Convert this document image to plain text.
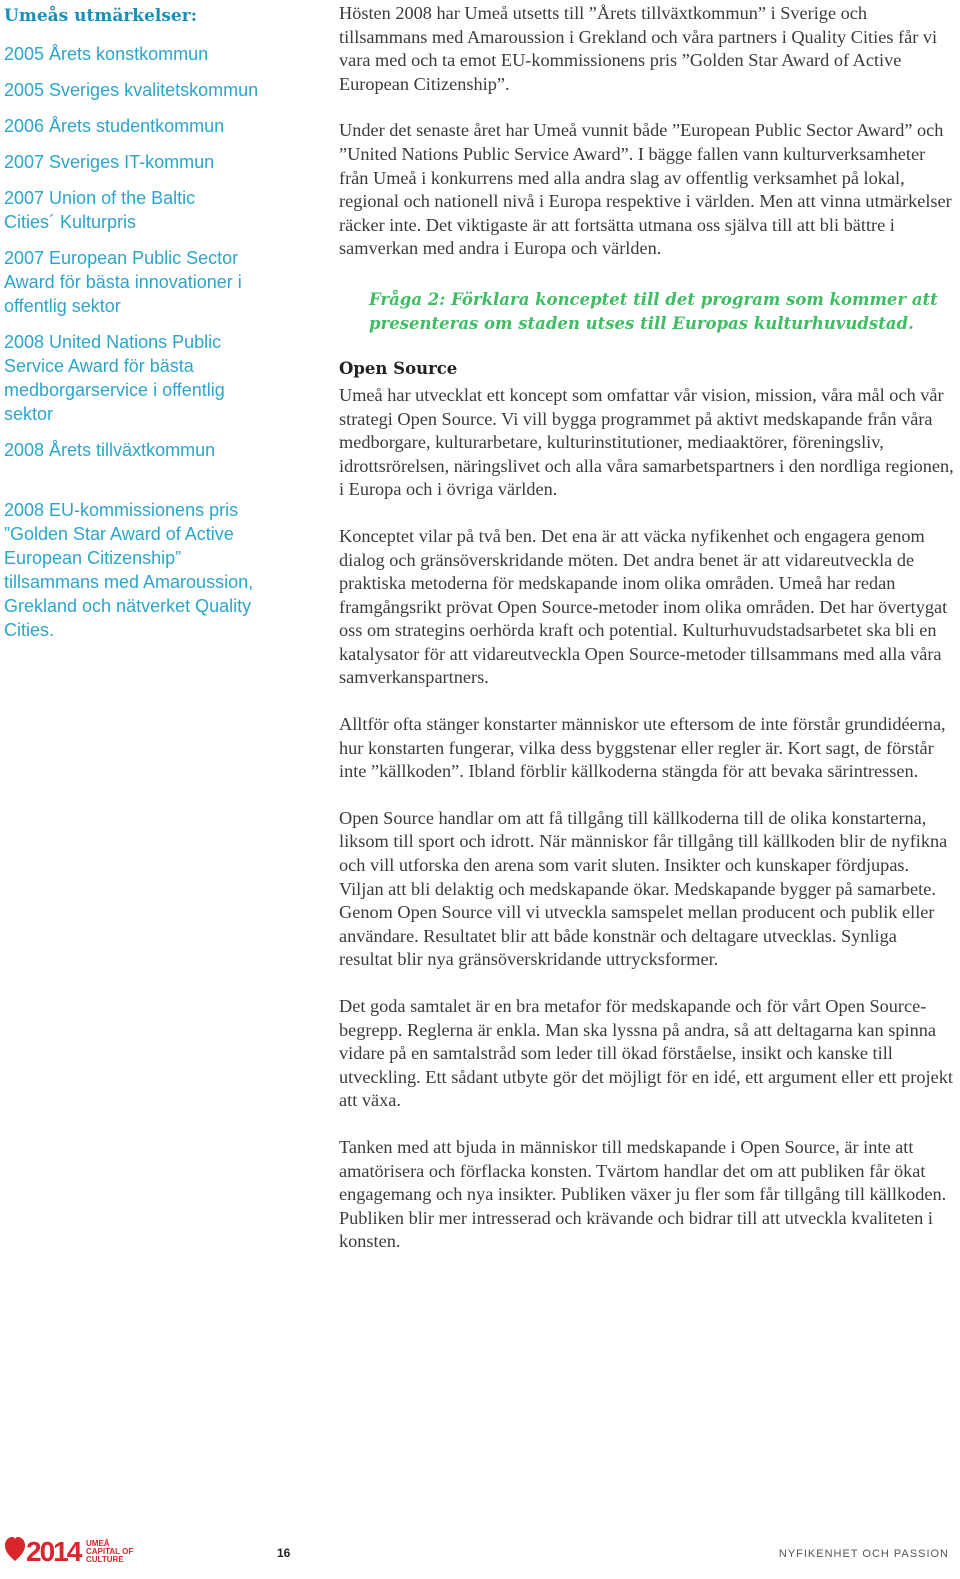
Umeås utmärkelser:
2005 Årets konstkommun
2005 Sveriges kvalitetskommun
2006 Årets studentkommun
2007 Sveriges IT-kommun
2007 Union of the Baltic Cities´ Kulturpris
2007 European Public Sector Award för bästa innovationer i offentlig sektor
2008 United Nations Public Service Award för bästa medborgarservice i offentlig sektor
2008 Årets tillväxtkommun
2008 EU-kommissionens pris ”Golden Star Award of Active European Citizenship” tillsammans med Amaroussion, Grekland och nätverket Quality Cities.

Hösten 2008 har Umeå utsetts till ”Årets tillväxtkommun” i Sverige och tillsammans med Amaroussion i Grekland och våra partners i Quality Cities får vi vara med och ta emot EU-kommissionens pris ”Golden Star Award of Active European Citizenship”.

Under det senaste året har Umeå vunnit både ”European Public Sector Award” och ”United Nations Public Service Award”. I bägge fallen vann kulturverksamheter från Umeå i konkurrens med alla andra slag av offentlig verksamhet på lokal, regional och nationell nivå i Europa respektive i världen. Men att vinna utmärkelser räcker inte. Det viktigaste är att fortsätta utmana oss själva till att bli bättre i samverkan med andra i Europa och världen.

Fråga 2: Förklara konceptet till det program som kommer att presenteras om staden utses till Europas kulturhuvudstad.
Open Source

Umeå har utvecklat ett koncept som omfattar vår vision, mission, våra mål och vår strategi Open Source. Vi vill bygga programmet på aktivt medskapande från våra medborgare, kulturarbetare, kulturinstitutioner, mediaaktörer, föreningsliv, idrottsrörelsen, näringslivet och alla våra samarbetspartners i den nordliga regionen, i Europa och i övriga världen.

Konceptet vilar på två ben. Det ena är att väcka nyfikenhet och engagera genom dialog och gränsöverskridande möten. Det andra benet är att vidareutveckla de praktiska metoderna för medskapande inom olika områden. Umeå har redan framgångsrikt prövat Open Source-metoder inom olika områden. Det har övertygat oss om strategins oerhörda kraft och potential. Kulturhuvudstadsarbetet ska bli en katalysator för att vidareutveckla Open Source-metoder tillsammans med alla våra samverkanspartners.

Alltför ofta stänger konstarter människor ute eftersom de inte förstår grundidéerna, hur konstarten fungerar, vilka dess byggstenar eller regler är. Kort sagt, de förstår inte ”källkoden”. Ibland förblir källkoderna stängda för att bevaka särintressen.

Open Source handlar om att få tillgång till källkoderna till de olika konstarterna, liksom till sport och idrott. När människor får tillgång till källkoden blir de nyfikna och vill utforska den arena som varit sluten. Insikter och kunskaper fördjupas. Viljan att bli delaktig och medskapande ökar. Medskapande bygger på samarbete. Genom Open Source vill vi utveckla samspelet mellan producent och publik eller användare. Resultatet blir att både konstnär och deltagare utvecklas. Synliga resultat blir nya gränsöverskridande uttrycksformer.

Det goda samtalet är en bra metafor för medskapande och för vårt Open Source-begrepp. Reglerna är enkla. Man ska lyssna på andra, så att deltagarna kan spinna vidare på en samtalstråd som leder till ökad förståelse, insikt och kanske till utveckling. Ett sådant utbyte gör det möjligt för en idé, ett argument eller ett projekt att växa.

Tanken med att bjuda in människor till medskapande i Open Source, är inte att amatörisera och förflacka konsten. Tvärtom handlar det om att publiken får ökat engagemang och nya insikter. Publiken växer ju fler som får tillgång till källkoden. Publiken blir mer intresserad och krävande och bidrar till att utveckla kvaliteten i konsten.

2014 UMEÅ
CAPITAL OF
CULTURE	16	NYFIKENHET OCH PASSION
